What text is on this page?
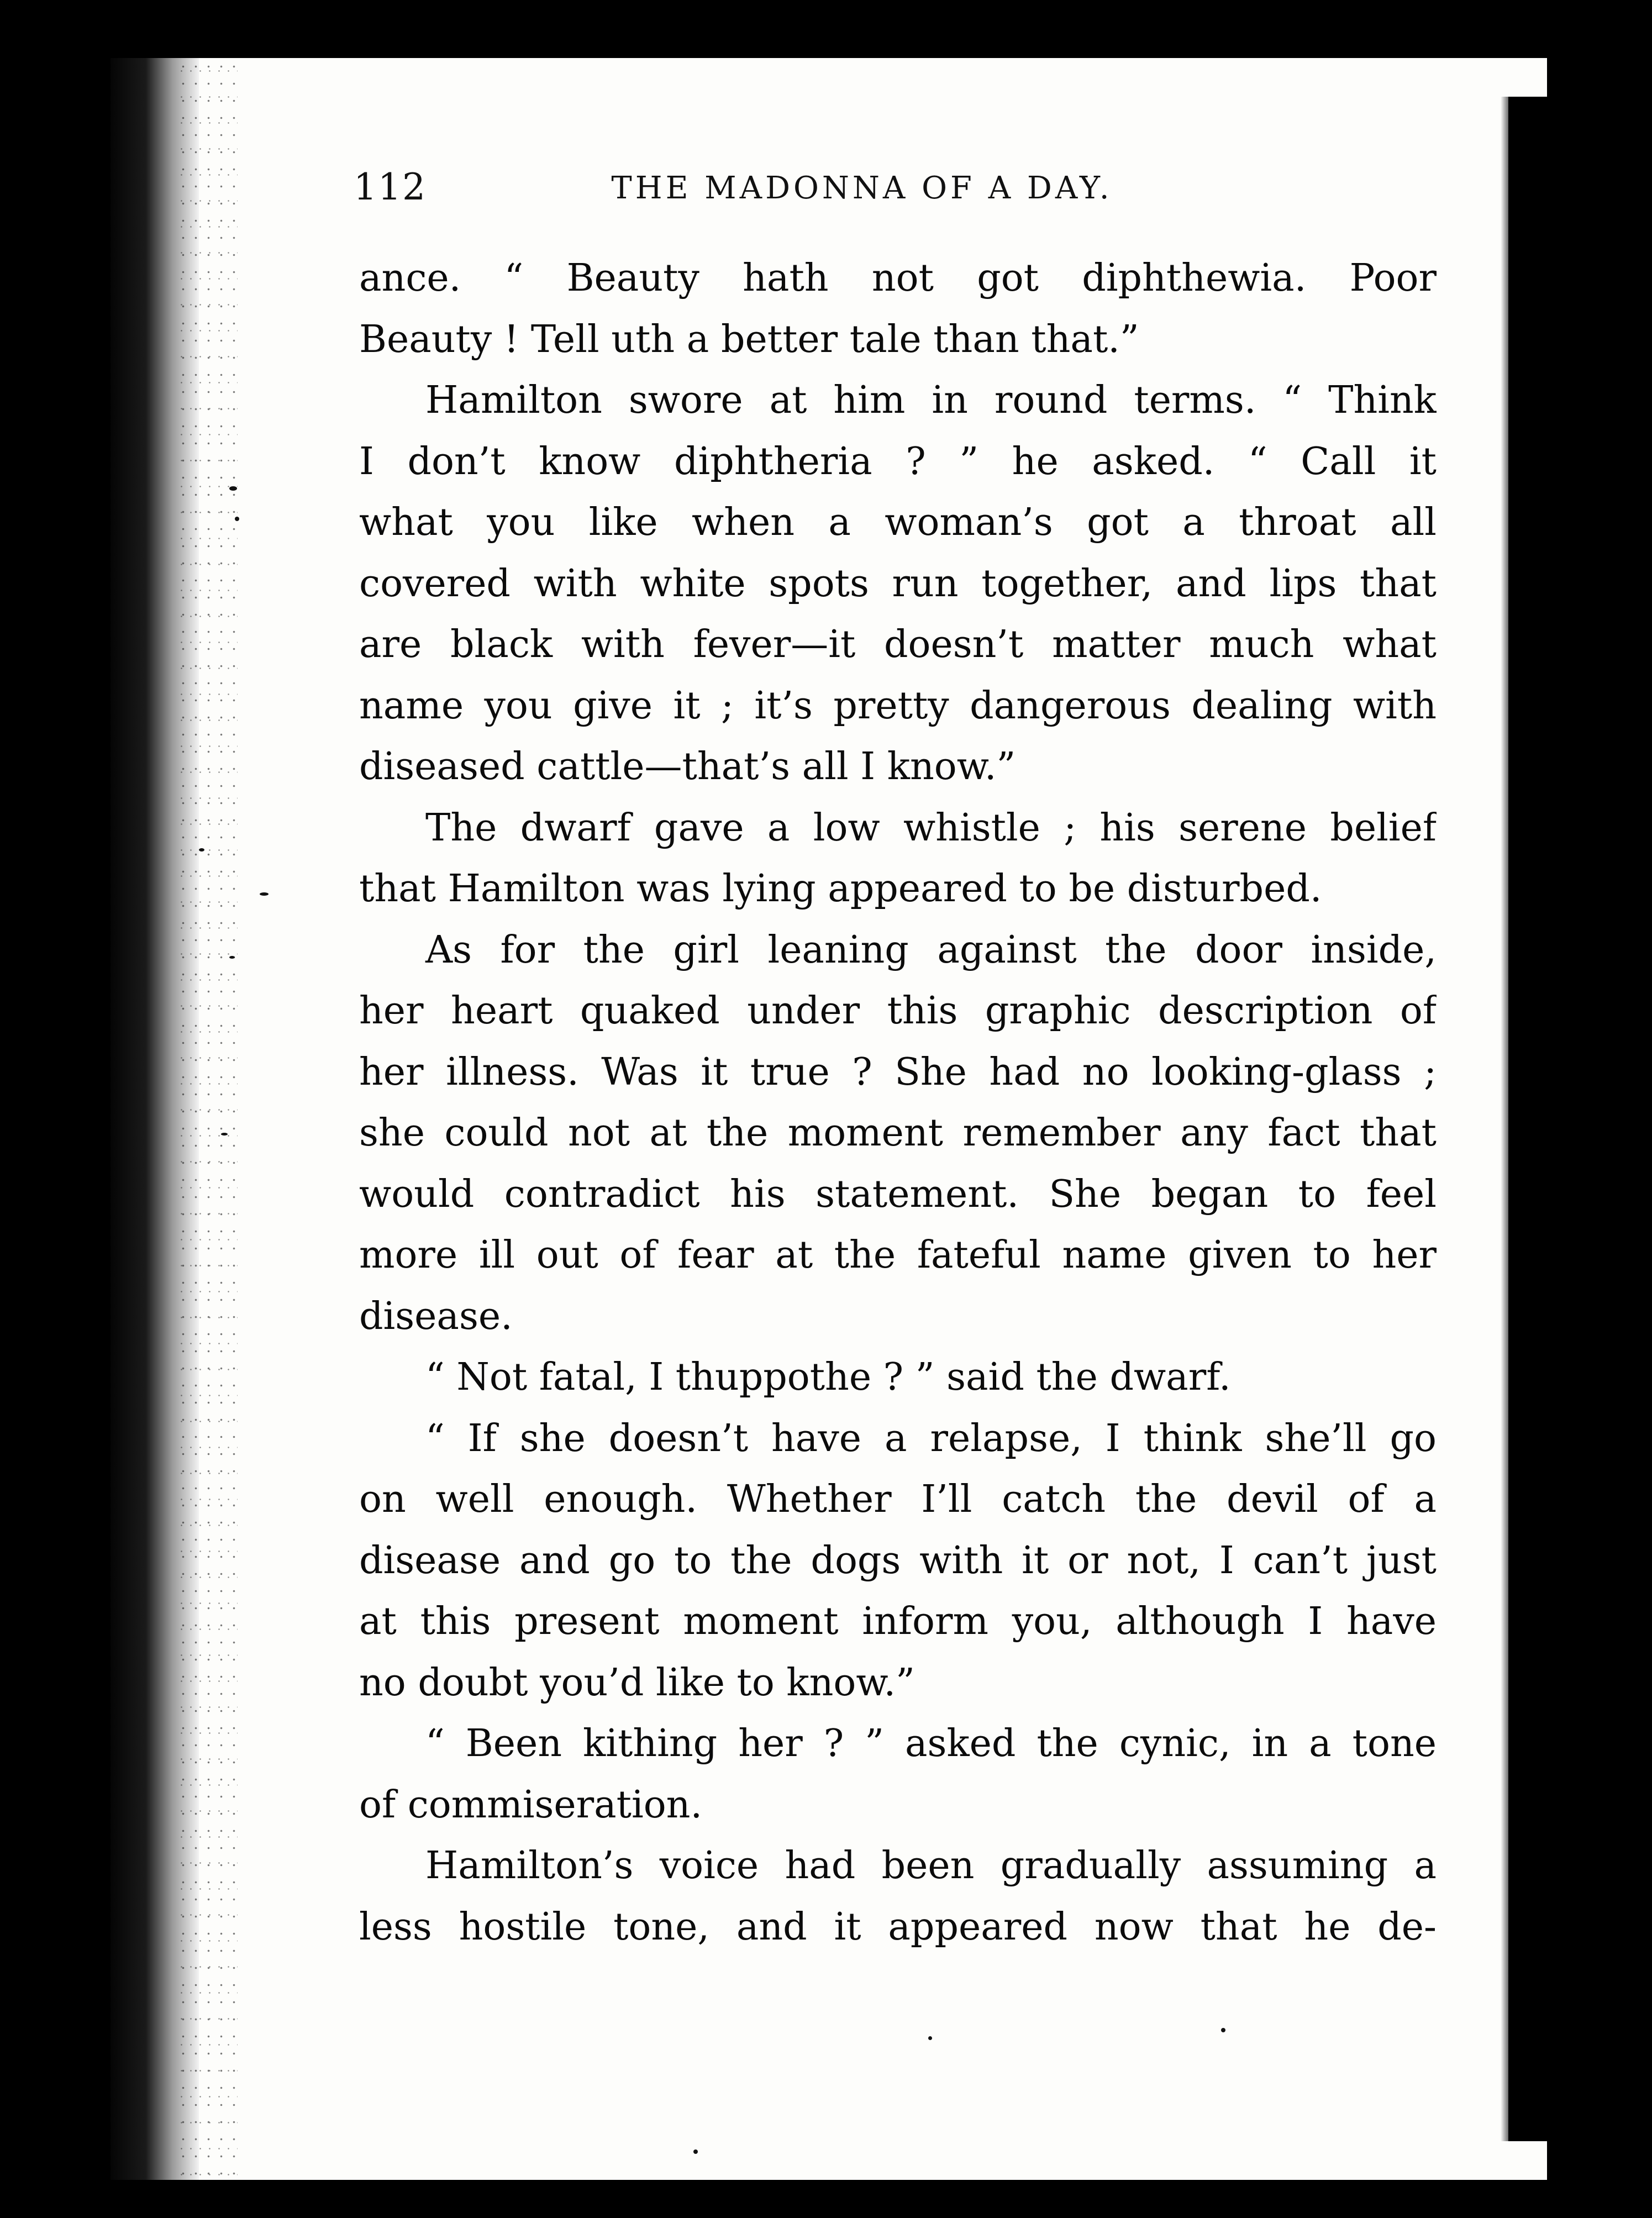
112	THE MADONNA OF A DAY.
ance. “ Beauty hath not got diphthewia. Poor
Beauty ! Tell uth a better tale than that.”
Hamilton swore at him in round terms. “ Think
I don’t know diphtheria ? ” he asked. “ Call it
what you like when a woman’s got a throat all
covered with white spots run together, and lips that
are black with fever—it doesn’t matter much what
name you give it ; it’s pretty dangerous dealing with
diseased cattle—that’s all I know.”
The dwarf gave a low whistle ; his serene belief
that Hamilton was lying appeared to be disturbed.
As for the girl leaning against the door inside,
her heart quaked under this graphic description of
her illness. Was it true ? She had no looking-glass ;
she could not at the moment remember any fact that
would contradict his statement. She began to feel
more ill out of fear at the fateful name given to her
disease.
“ Not fatal, I thuppothe ? ” said the dwarf.
“ If she doesn’t have a relapse, I think she’ll go
on well enough. Whether I’ll catch the devil of a
disease and go to the dogs with it or not, I can’t just
at this present moment inform you, although I have
no doubt you’d like to know.”
“ Been kithing her ? ” asked the cynic, in a tone
of commiseration.
Hamilton’s voice had been gradually assuming a
less hostile tone, and it appeared now that he de-
